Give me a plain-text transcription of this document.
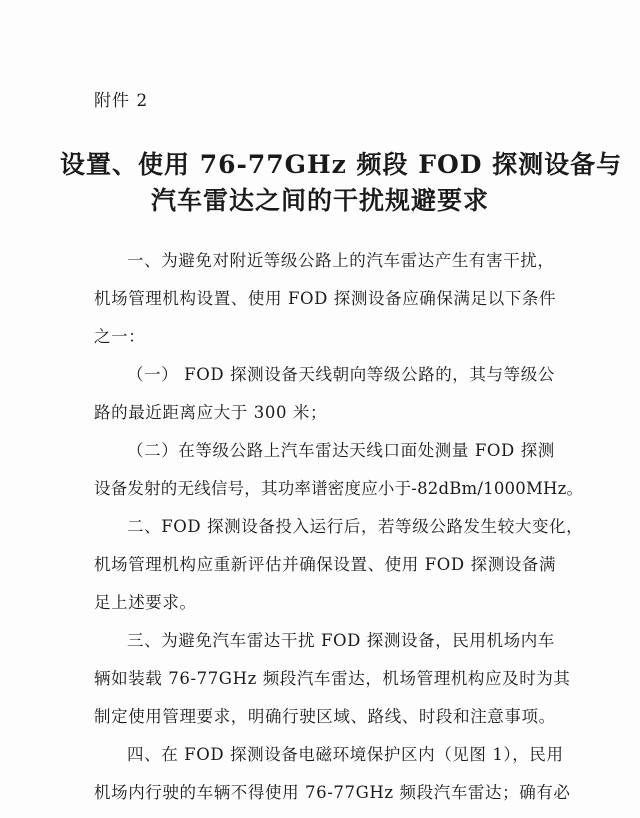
附件 2
设置、使用 76-77GHz 频段 FOD 探测设备与
汽车雷达之间的干扰规避要求
一、为避免对附近等级公路上的汽车雷达产生有害干扰，
机场管理机构设置、使用 FOD 探测设备应确保满足以下条件
之一：
（一） FOD 探测设备天线朝向等级公路的，其与等级公
路的最近距离应大于 300 米；
（二）在等级公路上汽车雷达天线口面处测量 FOD 探测
设备发射的无线信号，其功率谱密度应小于-82dBm/1000MHz。
二、FOD 探测设备投入运行后，若等级公路发生较大变化，
机场管理机构应重新评估并确保设置、使用 FOD 探测设备满
足上述要求。
三、为避免汽车雷达干扰 FOD 探测设备，民用机场内车
辆如装载 76-77GHz 频段汽车雷达，机场管理机构应及时为其
制定使用管理要求，明确行驶区域、路线、时段和注意事项。
四、在 FOD 探测设备电磁环境保护区内（见图 1），民用
机场内行驶的车辆不得使用 76-77GHz 频段汽车雷达；确有必
